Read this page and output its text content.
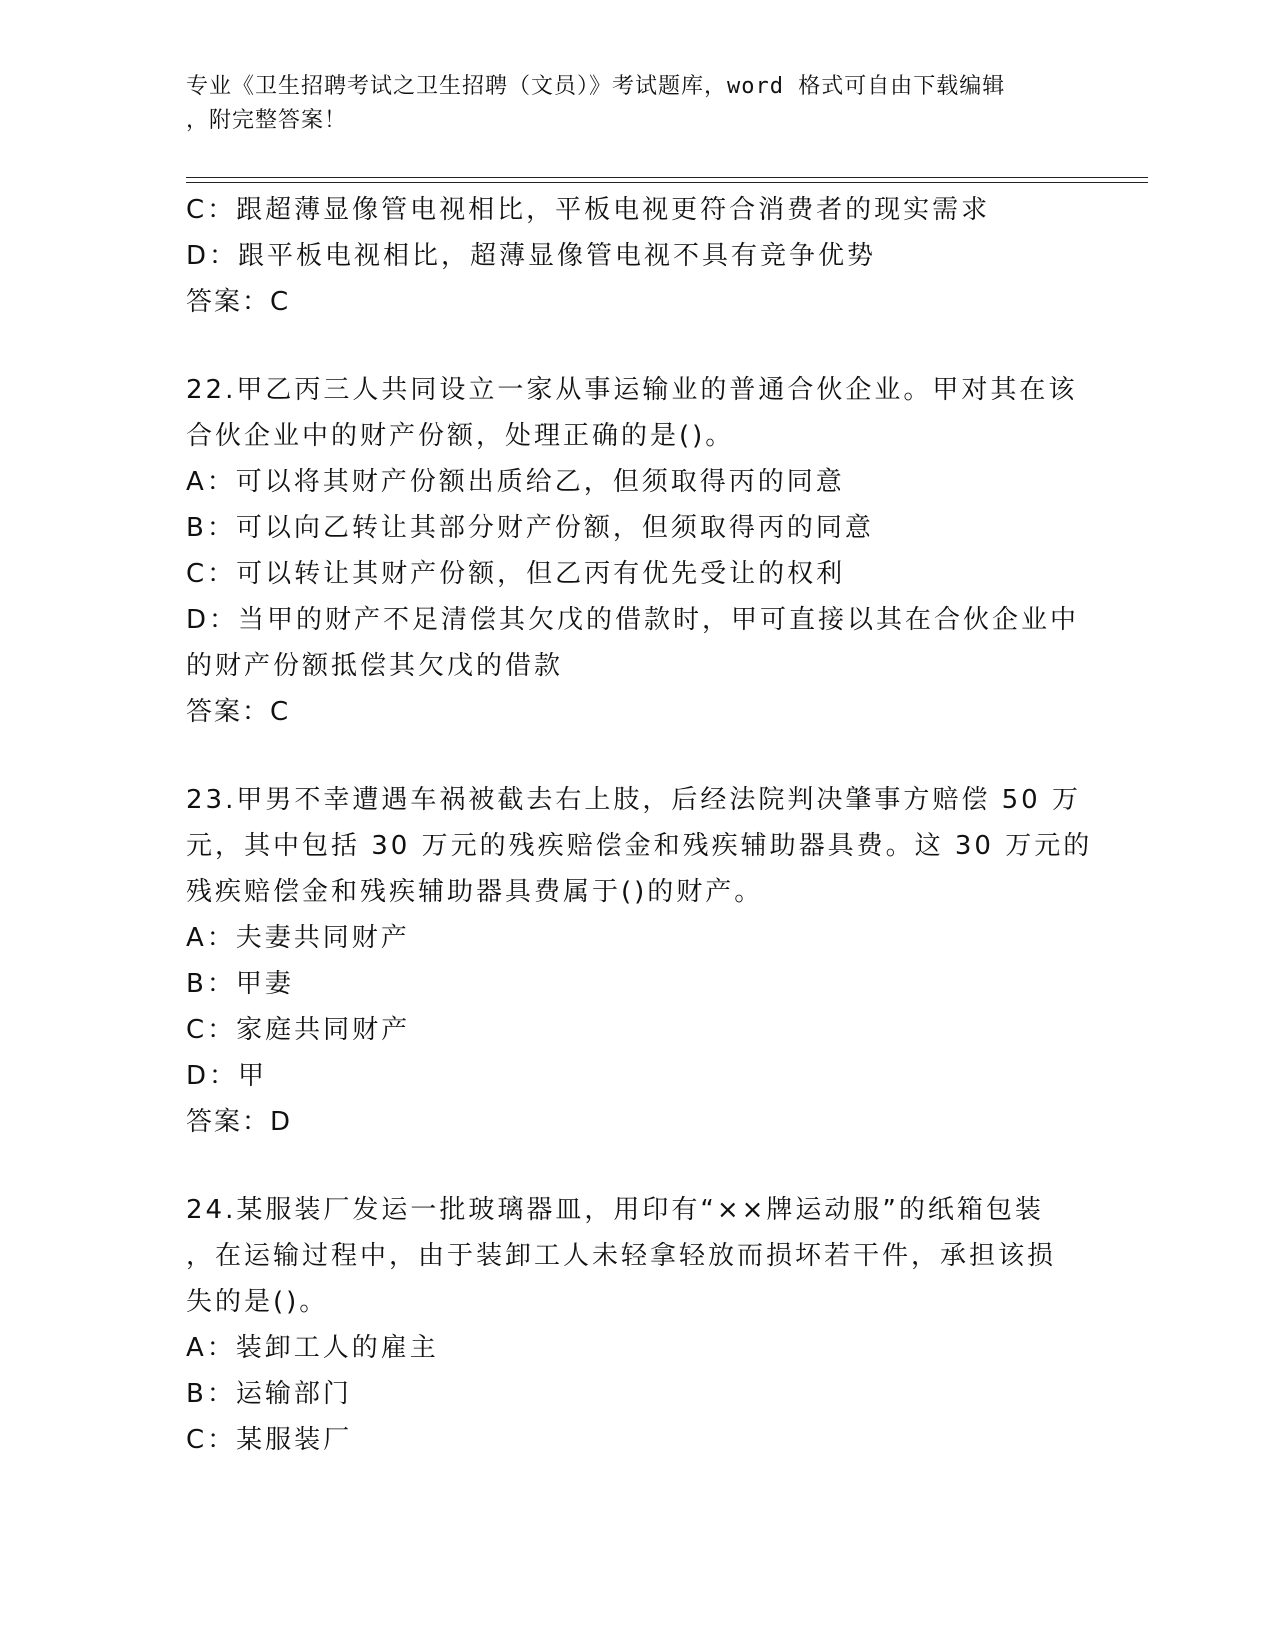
专业《卫生招聘考试之卫生招聘（文员）》考试题库，word 格式可自由下载编辑
，附完整答案！
C：跟超薄显像管电视相比，平板电视更符合消费者的现实需求
D：跟平板电视相比，超薄显像管电视不具有竞争优势
答案：C
22.甲乙丙三人共同设立一家从事运输业的普通合伙企业。甲对其在该
合伙企业中的财产份额，处理正确的是()。
A：可以将其财产份额出质给乙，但须取得丙的同意
B：可以向乙转让其部分财产份额，但须取得丙的同意
C：可以转让其财产份额，但乙丙有优先受让的权利
D：当甲的财产不足清偿其欠戊的借款时，甲可直接以其在合伙企业中
的财产份额抵偿其欠戊的借款
答案：C
23.甲男不幸遭遇车祸被截去右上肢，后经法院判决肇事方赔偿 50 万
元，其中包括 30 万元的残疾赔偿金和残疾辅助器具费。这 30 万元的
残疾赔偿金和残疾辅助器具费属于()的财产。
A：夫妻共同财产
B：甲妻
C：家庭共同财产
D：甲
答案：D
24.某服装厂发运一批玻璃器皿，用印有“××牌运动服”的纸箱包装
，在运输过程中，由于装卸工人未轻拿轻放而损坏若干件，承担该损
失的是()。
A：装卸工人的雇主
B：运输部门
C：某服装厂
